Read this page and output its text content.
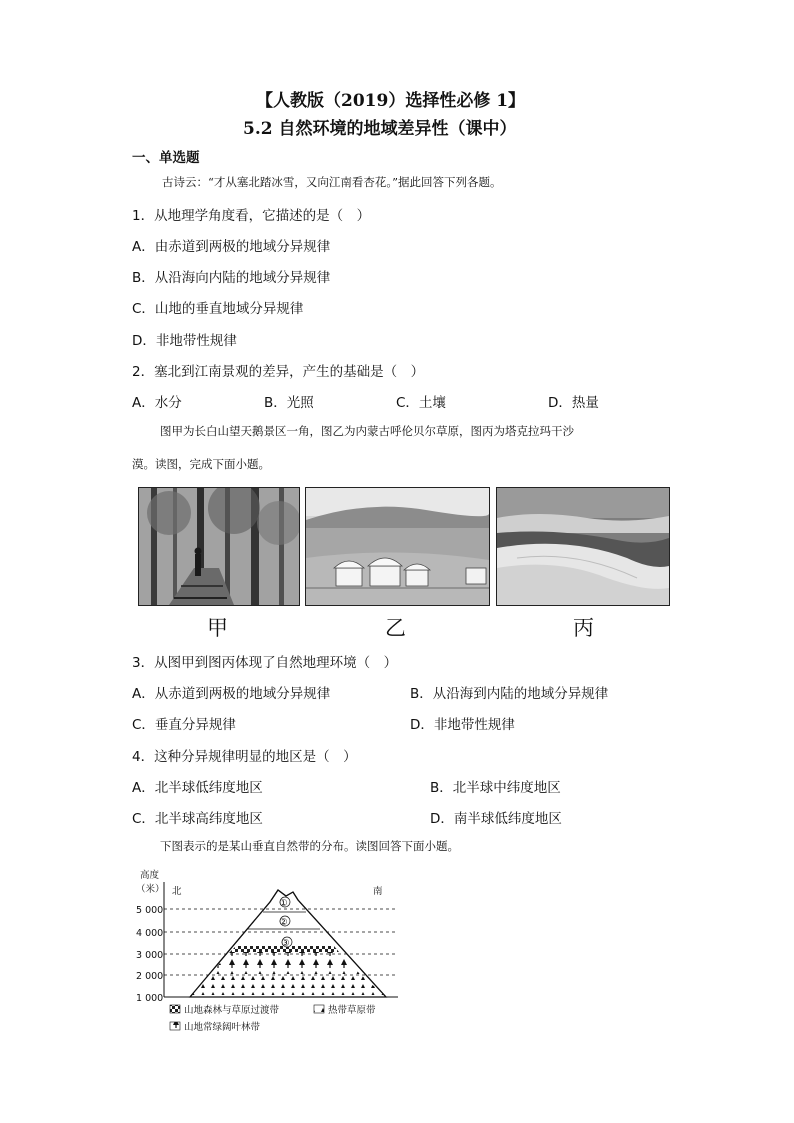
【人教版（2019）选择性必修 1】
5.2 自然环境的地域差异性（课中）
一、单选题
古诗云：“才从塞北踏冰雪，又向江南看杏花。”据此回答下列各题。
1．从地理学角度看，它描述的是（　）
A．由赤道到两极的地域分异规律
B．从沿海向内陆的地域分异规律
C．山地的垂直地域分异规律
D．非地带性规律
2．塞北到江南景观的差异，产生的基础是（　）
A．水分	B．光照	C．土壤	D．热量
图甲为长白山望天鹅景区一角，图乙为内蒙古呼伦贝尔草原，图丙为塔克拉玛干沙
漠。读图，完成下面小题。
甲	乙	丙
3．从图甲到图丙体现了自然地理环境（　）
A．从赤道到两极的地域分异规律	B．从沿海到内陆的地域分异规律
C．垂直分异规律	D．非地带性规律
4．这种分异规律明显的地区是（　）
A．北半球低纬度地区	B．北半球中纬度地区
C．北半球高纬度地区	D．南半球低纬度地区
下图表示的是某山垂直自然带的分布。读图回答下面小题。
高度
（米） 北	南
5 000
4 000
3 000
2 000
1 000
①
②
③
山地森林与草原过渡带	热带草原带
山地常绿阔叶林带
